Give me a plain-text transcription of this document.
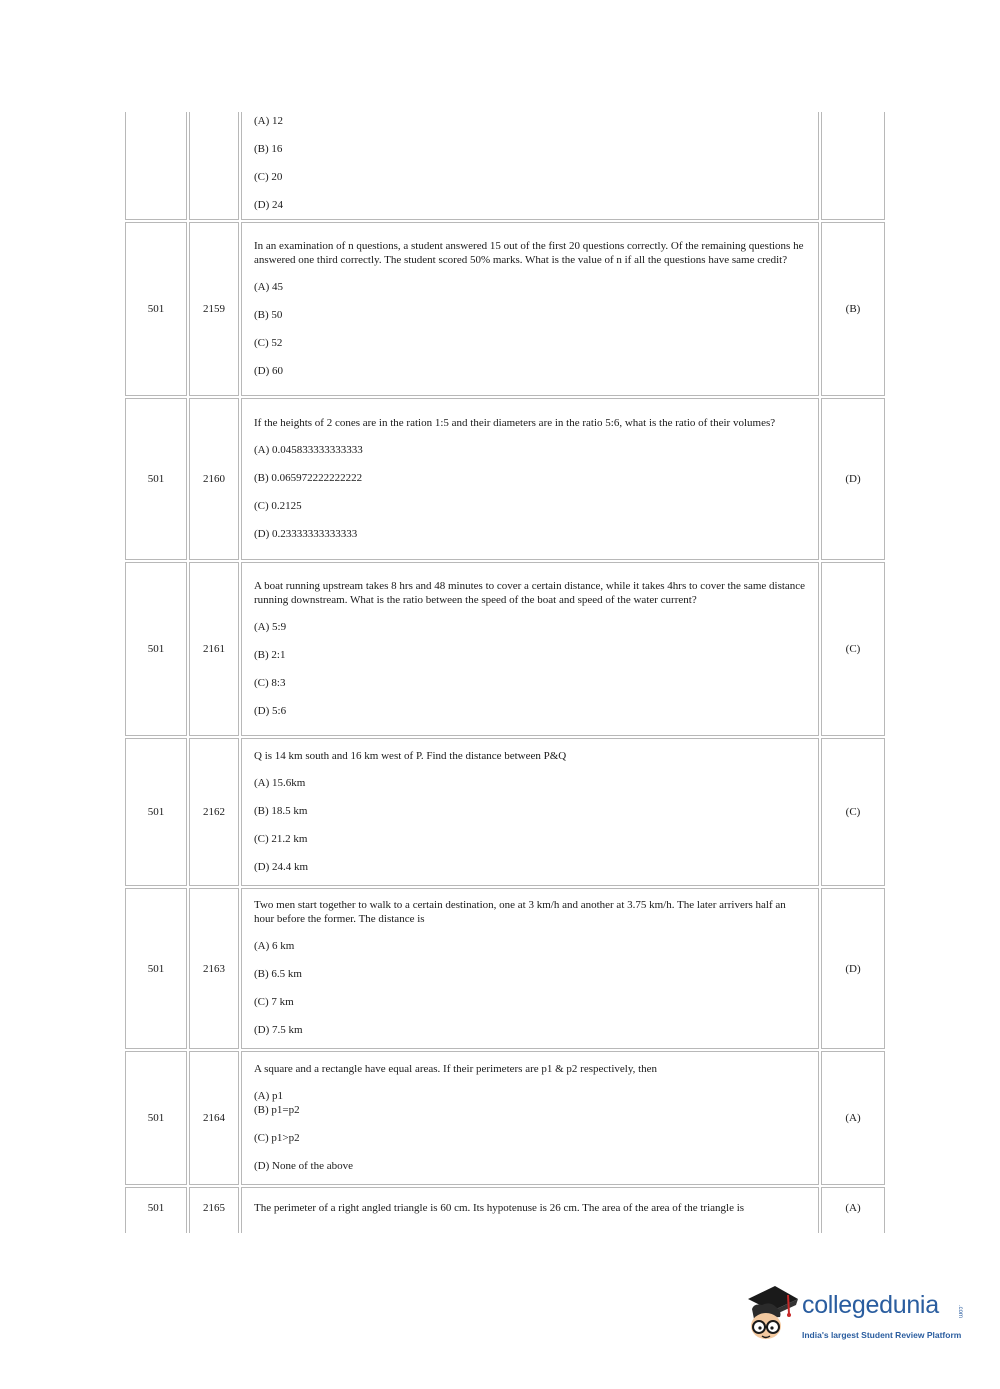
		(A) 12
(B) 16
(C) 20
(D) 24	

501	2159	In an examination of n questions, a student answered 15 out of the first 20 questions correctly. Of the remaining questions he answered one third correctly. The student scored 50% marks. What is the value of n if all the questions have same credit?
(A) 45
(B) 50
(C) 52
(D) 60	(B)
501	2160	If the heights of 2 cones are in the ration 1:5 and their diameters are in the ratio 5:6, what is the ratio of their volumes?
(A) 0.045833333333333
(B) 0.065972222222222
(C) 0.2125
(D) 0.23333333333333	(D)
501	2161	A boat running upstream takes 8 hrs and 48 minutes to cover a certain distance, while it takes 4hrs to cover the same distance running downstream. What is the ratio between the speed of the boat and speed of the water current?
(A) 5:9
(B) 2:1
(C) 8:3
(D) 5:6	(C)
501	2162	Q is 14 km south and 16 km west of P. Find the distance between P&Q
(A) 15.6km
(B) 18.5 km
(C) 21.2 km
(D) 24.4 km	(C)
501	2163	Two men start together to walk to a certain destination, one at 3 km/h and another at 3.75 km/h. The later arrivers half an hour before the former. The distance is
(A) 6 km
(B) 6.5 km
(C) 7 km
(D) 7.5 km	(D)
501	2164	A square and a rectangle have equal areas. If their perimeters are p1 & p2 respectively, then
(A) p1
(B) p1=p2
(C) p1>p2
(D) None of the above	(A)
501	2165	The perimeter of a right angled triangle is 60 cm. Its hypotenuse is 26 cm. The area of the area of the triangle is	(A)
collegedunia	.com
India's largest Student Review Platform
